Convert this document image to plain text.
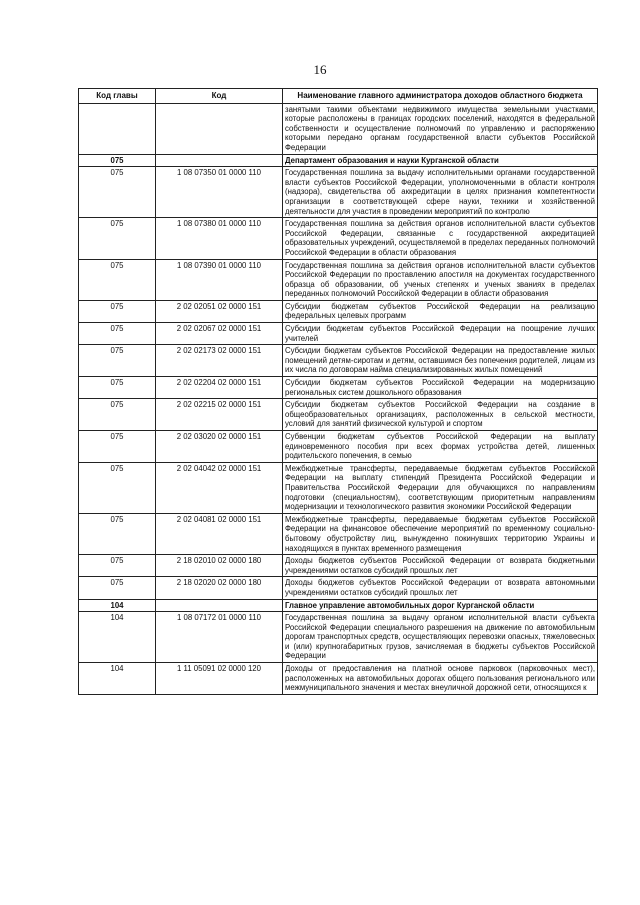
16
Код главы	Код	Наименование главного администратора доходов областного бюджета
		занятыми такими объектами недвижимого имущества земельными участками, которые расположены в границах городских поселений, находятся в федеральной собственности и осуществление полномочий по управлению и распоряжению которыми передано органам государственной власти субъектов Российской Федерации
075		Департамент образования и науки Курганской области
075	1 08 07350 01 0000 110	Государственная пошлина за выдачу исполнительными органами государственной власти субъектов Российской Федерации, уполномоченными в области контроля (надзора), свидетельства об аккредитации в целях признания компетентности организации в соответствующей сфере науки, техники и хозяйственной деятельности для участия в проведении мероприятий по контролю
075	1 08 07380 01 0000 110	Государственная пошлина за действия органов исполнительной власти субъектов Российской Федерации, связанные с государственной аккредитацией образовательных учреждений, осуществляемой в пределах переданных полномочий Российской Федерации в области образования
075	1 08 07390 01 0000 110	Государственная пошлина за действия органов исполнительной власти субъектов Российской Федерации по проставлению апостиля на документах государственного образца об образовании, об ученых степенях и ученых званиях в пределах переданных полномочий Российской Федерации в области образования
075	2 02 02051 02 0000 151	Субсидии бюджетам субъектов Российской Федерации на реализацию федеральных целевых программ
075	2 02 02067 02 0000 151	Субсидии бюджетам субъектов Российской Федерации на поощрение лучших учителей
075	2 02 02173 02 0000 151	Субсидии бюджетам субъектов Российской Федерации на предоставление жилых помещений детям-сиротам и детям, оставшимся без попечения родителей, лицам из их числа по договорам найма специализированных жилых помещений
075	2 02 02204 02 0000 151	Субсидии бюджетам субъектов Российской Федерации на модернизацию региональных систем дошкольного образования
075	2 02 02215 02 0000 151	Субсидии бюджетам субъектов Российской Федерации на создание в общеобразовательных организациях, расположенных в сельской местности, условий для занятий физической культурой и спортом
075	2 02 03020 02 0000 151	Субвенции бюджетам субъектов Российской Федерации на выплату единовременного пособия при всех формах устройства детей, лишенных родительского попечения, в семью
075	2 02 04042 02 0000 151	Межбюджетные трансферты, передаваемые бюджетам субъектов Российской Федерации на выплату стипендий Президента Российской Федерации и Правительства Российской Федерации для обучающихся по направлениям подготовки (специальностям), соответствующим приоритетным направлениям модернизации и технологического развития экономики Российской Федерации
075	2 02 04081 02 0000 151	Межбюджетные трансферты, передаваемые бюджетам субъектов Российской Федерации на финансовое обеспечение мероприятий по временному социально-бытовому обустройству лиц, вынужденно покинувших территорию Украины и находящихся в пунктах временного размещения
075	2 18 02010 02 0000 180	Доходы бюджетов субъектов Российской Федерации от возврата бюджетными учреждениями остатков субсидий прошлых лет
075	2 18 02020 02 0000 180	Доходы бюджетов субъектов Российской Федерации от возврата автономными учреждениями остатков субсидий прошлых лет
104		Главное управление автомобильных дорог Курганской области
104	1 08 07172 01 0000 110	Государственная пошлина за выдачу органом исполнительной власти субъекта Российской Федерации специального разрешения на движение по автомобильным дорогам транспортных средств, осуществляющих перевозки опасных, тяжеловесных и (или) крупногабаритных грузов, зачисляемая в бюджеты субъектов Российской Федерации
104	1 11 05091 02 0000 120	Доходы от предоставления на платной основе парковок (парковочных мест), расположенных на автомобильных дорогах общего пользования регионального или межмуниципального значения и местах внеуличной дорожной сети, относящихся к
